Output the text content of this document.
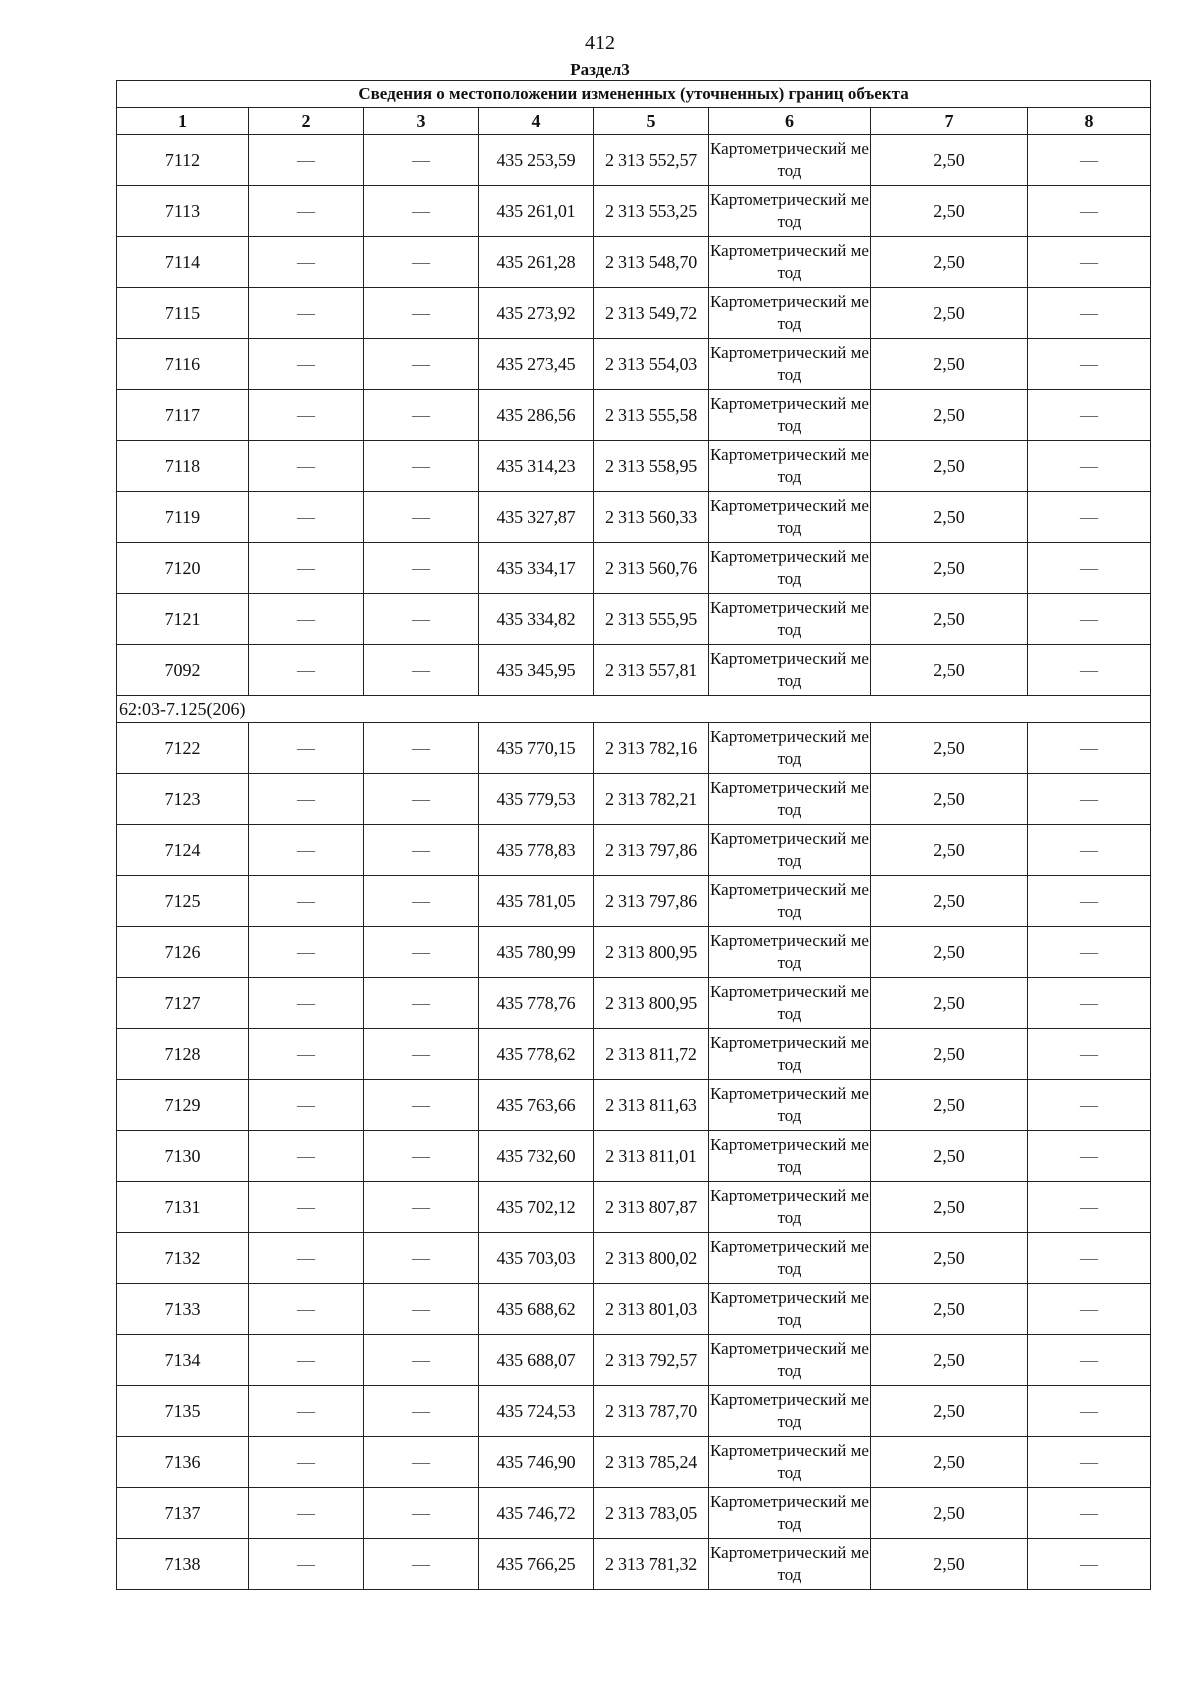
412
Раздел3
Сведения о местоположении измененных (уточненных) границ объекта							
1	2	3	4	5	6	7	8
7112	—	—	435 253,59	2 313 552,57	Картометрический метод	2,50	—
7113	—	—	435 261,01	2 313 553,25	Картометрический метод	2,50	—
7114	—	—	435 261,28	2 313 548,70	Картометрический метод	2,50	—
7115	—	—	435 273,92	2 313 549,72	Картометрический метод	2,50	—
7116	—	—	435 273,45	2 313 554,03	Картометрический метод	2,50	—
7117	—	—	435 286,56	2 313 555,58	Картометрический метод	2,50	—
7118	—	—	435 314,23	2 313 558,95	Картометрический метод	2,50	—
7119	—	—	435 327,87	2 313 560,33	Картометрический метод	2,50	—
7120	—	—	435 334,17	2 313 560,76	Картометрический метод	2,50	—
7121	—	—	435 334,82	2 313 555,95	Картометрический метод	2,50	—
7092	—	—	435 345,95	2 313 557,81	Картометрический метод	2,50	—
62:03-7.125(206)							
7122	—	—	435 770,15	2 313 782,16	Картометрический метод	2,50	—
7123	—	—	435 779,53	2 313 782,21	Картометрический метод	2,50	—
7124	—	—	435 778,83	2 313 797,86	Картометрический метод	2,50	—
7125	—	—	435 781,05	2 313 797,86	Картометрический метод	2,50	—
7126	—	—	435 780,99	2 313 800,95	Картометрический метод	2,50	—
7127	—	—	435 778,76	2 313 800,95	Картометрический метод	2,50	—
7128	—	—	435 778,62	2 313 811,72	Картометрический метод	2,50	—
7129	—	—	435 763,66	2 313 811,63	Картометрический метод	2,50	—
7130	—	—	435 732,60	2 313 811,01	Картометрический метод	2,50	—
7131	—	—	435 702,12	2 313 807,87	Картометрический метод	2,50	—
7132	—	—	435 703,03	2 313 800,02	Картометрический метод	2,50	—
7133	—	—	435 688,62	2 313 801,03	Картометрический метод	2,50	—
7134	—	—	435 688,07	2 313 792,57	Картометрический метод	2,50	—
7135	—	—	435 724,53	2 313 787,70	Картометрический метод	2,50	—
7136	—	—	435 746,90	2 313 785,24	Картометрический метод	2,50	—
7137	—	—	435 746,72	2 313 783,05	Картометрический метод	2,50	—
7138	—	—	435 766,25	2 313 781,32	Картометрический метод	2,50	—
